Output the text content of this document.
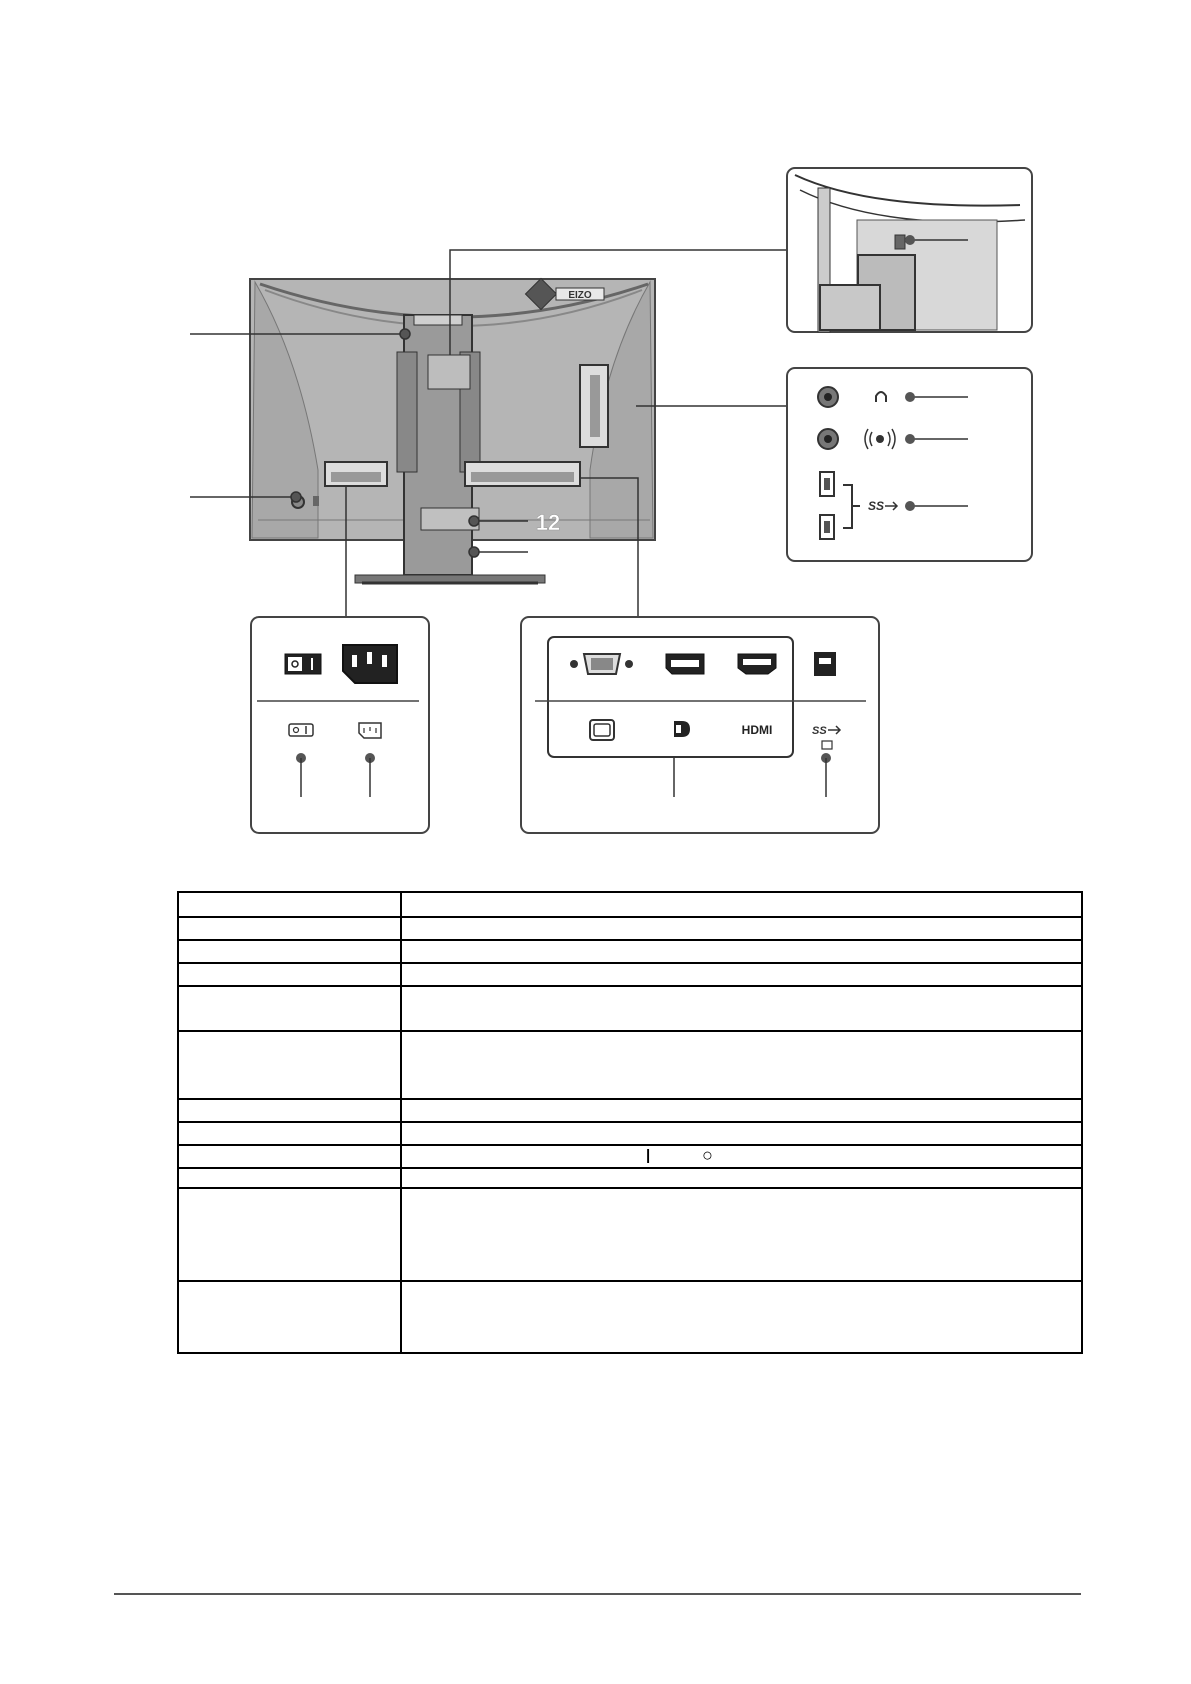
EIZO
12
SS
HDMI	SS

	| ○
